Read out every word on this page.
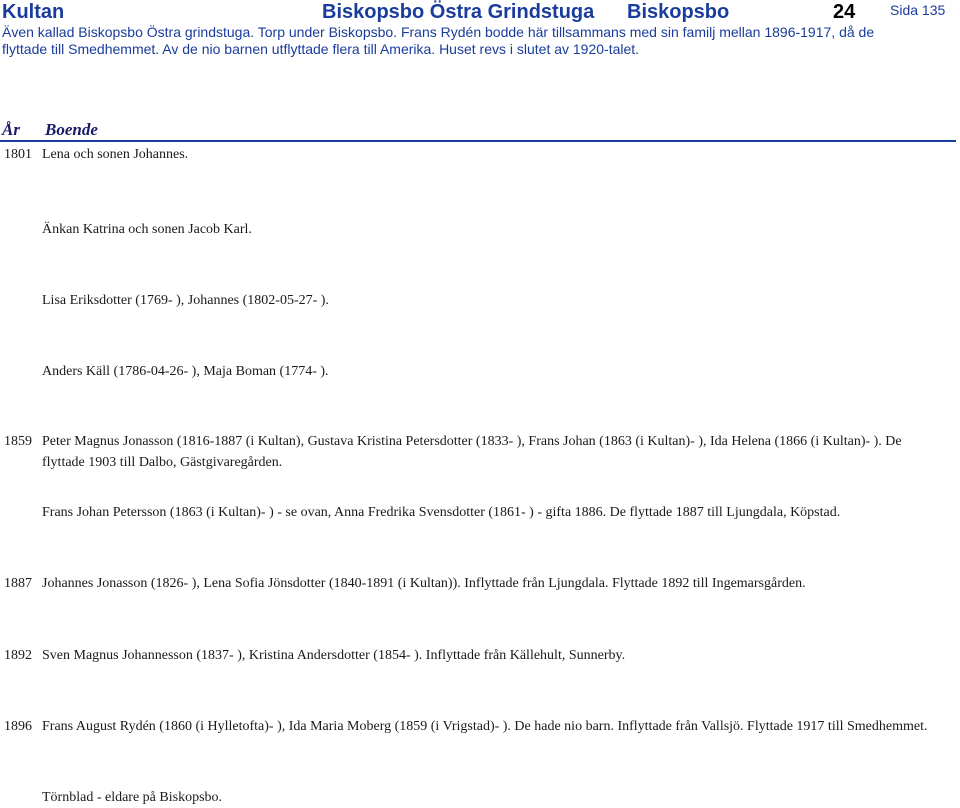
Kultan	Biskopsbo Östra Grindstuga Biskopsbo	24 Sida 135
Även kallad Biskopsbo Östra grindstuga. Torp under Biskopsbo. Frans Rydén bodde här tillsammans med sin familj mellan 1896-1917, då de flyttade till Smedhemmet. Av de nio barnen utflyttade flera till Amerika. Huset revs i slutet av 1920-talet.
År Boende
1801 Lena och sonen Johannes.
Änkan Katrina och sonen Jacob Karl.
Lisa Eriksdotter (1769- ), Johannes (1802-05-27- ).
Anders Käll (1786-04-26- ), Maja Boman (1774- ).
1859 Peter Magnus Jonasson (1816-1887 (i Kultan), Gustava Kristina Petersdotter (1833- ), Frans Johan (1863 (i Kultan)- ), Ida Helena (1866 (i Kultan)- ). De flyttade 1903 till Dalbo, Gästgivaregården.
Frans Johan Petersson (1863 (i Kultan)- ) - se ovan, Anna Fredrika Svensdotter (1861- ) - gifta 1886. De flyttade 1887 till Ljungdala, Köpstad.
1887 Johannes Jonasson (1826- ), Lena Sofia Jönsdotter (1840-1891 (i Kultan)). Inflyttade från Ljungdala. Flyttade 1892 till Ingemarsgården.
1892 Sven Magnus Johannesson (1837- ), Kristina Andersdotter (1854- ). Inflyttade från Källehult, Sunnerby.
1896 Frans August Rydén (1860 (i Hylletofta)- ), Ida Maria Moberg (1859 (i Vrigstad)- ). De hade nio barn. Inflyttade från Vallsjö. Flyttade 1917 till Smedhemmet.
Törnblad - eldare på Biskopsbo.
